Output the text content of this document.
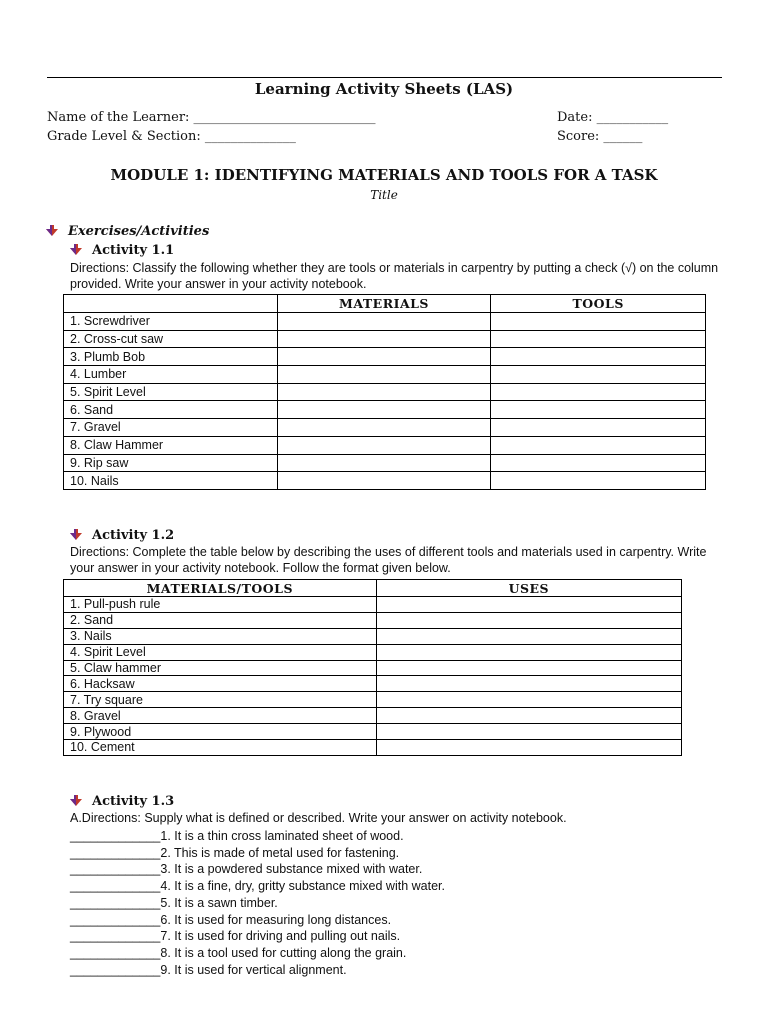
Learning Activity Sheets (LAS)
Name of the Learner: ____________________________	Date: ___________
Grade Level & Section: ______________	Score: ______
MODULE 1: IDENTIFYING MATERIALS AND TOOLS FOR A TASK
Title
Exercises/Activities
Activity 1.1
Directions: Classify the following whether they are tools or materials in carpentry by putting a check (√) on the column provided. Write your answer in your activity notebook.
	MATERIALS	TOOLS
1. Screwdriver		
2. Cross-cut saw		
3. Plumb Bob		
4. Lumber		
5. Spirit Level		
6. Sand		
7. Gravel		
8. Claw Hammer		
9. Rip saw		
10. Nails		
Activity 1.2
Directions: Complete the table below by describing the uses of different tools and materials used in carpentry. Write your answer in your activity notebook. Follow the format given below.
MATERIALS/TOOLS	USES
1. Pull-push rule	
2. Sand	
3. Nails	
4. Spirit Level	
5. Claw hammer	
6. Hacksaw	
7. Try square	
8. Gravel	
9. Plywood	
10. Cement	
Activity 1.3
A.Directions: Supply what is defined or described. Write your answer on activity notebook.
_____________1. It is a thin cross laminated sheet of wood.
_____________2. This is made of metal used for fastening.
_____________3. It is a powdered substance mixed with water.
_____________4. It is a fine, dry, gritty substance mixed with water.
_____________5. It is a sawn timber.
_____________6. It is used for measuring long distances.
_____________7. It is used for driving and pulling out nails.
_____________8. It is a tool used for cutting along the grain.
_____________9. It is used for vertical alignment.
